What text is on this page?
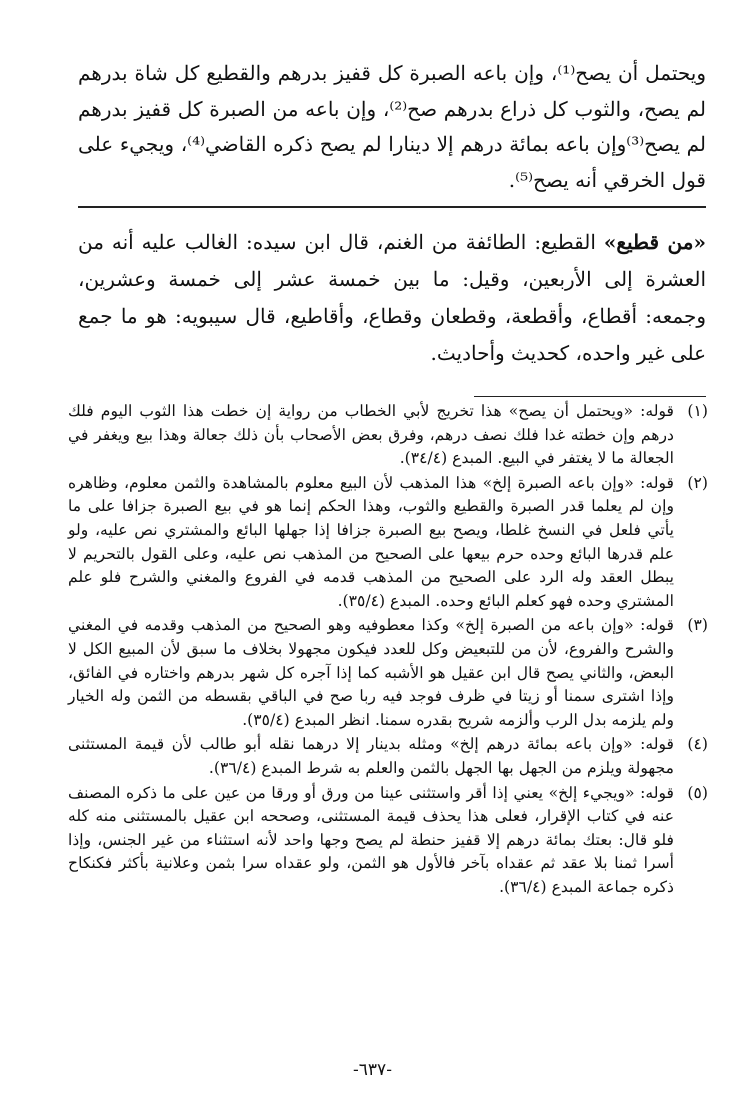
ويحتمل أن يصح⁽¹⁾، وإن باعه الصبرة كل قفيز بدرهم والقطيع كل شاة بدرهم لم يصح، والثوب كل ذراع بدرهم صح⁽²⁾، وإن باعه من الصبرة كل قفيز بدرهم لم يصح⁽³⁾وإن باعه بمائة درهم إلا دينارا لم يصح ذكره القاضي⁽⁴⁾، ويجيء على قول الخرقي أنه يصح⁽⁵⁾.
«من قطيع» القطيع: الطائفة من الغنم، قال ابن سيده: الغالب عليه أنه من العشرة إلى الأربعين، وقيل: ما بين خمسة عشر إلى خمسة وعشرين، وجمعه: أقطاع، وأقطعة، وقطعان وقطاع، وأقاطيع، قال سيبويه: هو ما جمع على غير واحده، كحديث وأحاديث.
(١)
قوله: «ويحتمل أن يصح» هذا تخريج لأبي الخطاب من رواية إن خطت هذا الثوب اليوم فلك درهم وإن خطته غدا فلك نصف درهم، وفرق بعض الأصحاب بأن ذلك جعالة وهذا بيع ويغفر في الجعالة ما لا يغتفر في البيع. المبدع (٣٤/٤).
(٢)
قوله: «وإن باعه الصبرة إلخ» هذا المذهب لأن البيع معلوم بالمشاهدة والثمن معلوم، وظاهره وإن لم يعلما قدر الصبرة والقطيع والثوب، وهذا الحكم إنما هو في بيع الصبرة جزافا على ما يأتي فلعل في النسخ غلطا، ويصح بيع الصبرة جزافا إذا جهلها البائع والمشتري نص عليه، ولو علم قدرها البائع وحده حرم بيعها على الصحيح من المذهب نص عليه، وعلى القول بالتحريم لا يبطل العقد وله الرد على الصحيح من المذهب قدمه في الفروع والمغني والشرح فلو علم المشتري وحده فهو كعلم البائع وحده. المبدع (٣٥/٤).
(٣)
قوله: «وإن باعه من الصبرة إلخ» وكذا معطوفيه وهو الصحيح من المذهب وقدمه في المغني والشرح والفروع، لأن من للتبعيض وكل للعدد فيكون مجهولا بخلاف ما سبق لأن المبيع الكل لا البعض، والثاني يصح قال ابن عقيل هو الأشبه كما إذا آجره كل شهر بدرهم واختاره في الفائق، وإذا اشترى سمنا أو زيتا في ظرف فوجد فيه ربا صح في الباقي بقسطه من الثمن وله الخيار ولم يلزمه بدل الرب وألزمه شريح بقدره سمنا. انظر المبدع (٣٥/٤).
(٤)
قوله: «وإن باعه بمائة درهم إلخ» ومثله بدينار إلا درهما نقله أبو طالب لأن قيمة المستثنى مجهولة ويلزم من الجهل بها الجهل بالثمن والعلم به شرط المبدع (٣٦/٤).
(٥)
قوله: «ويجيء إلخ» يعني إذا أقر واستثنى عينا من ورق أو ورقا من عين على ما ذكره المصنف عنه في كتاب الإقرار، فعلى هذا يحذف قيمة المستثنى، وصححه ابن عقيل بالمستثنى منه كله فلو قال: بعتك بمائة درهم إلا قفيز حنطة لم يصح وجها واحد لأنه استثناء من غير الجنس، وإذا أسرا ثمنا بلا عقد ثم عقداه بآخر فالأول هو الثمن، ولو عقداه سرا بثمن وعلانية بأكثر فكنكاح ذكره جماعة المبدع (٣٦/٤).
-٦٣٧-
